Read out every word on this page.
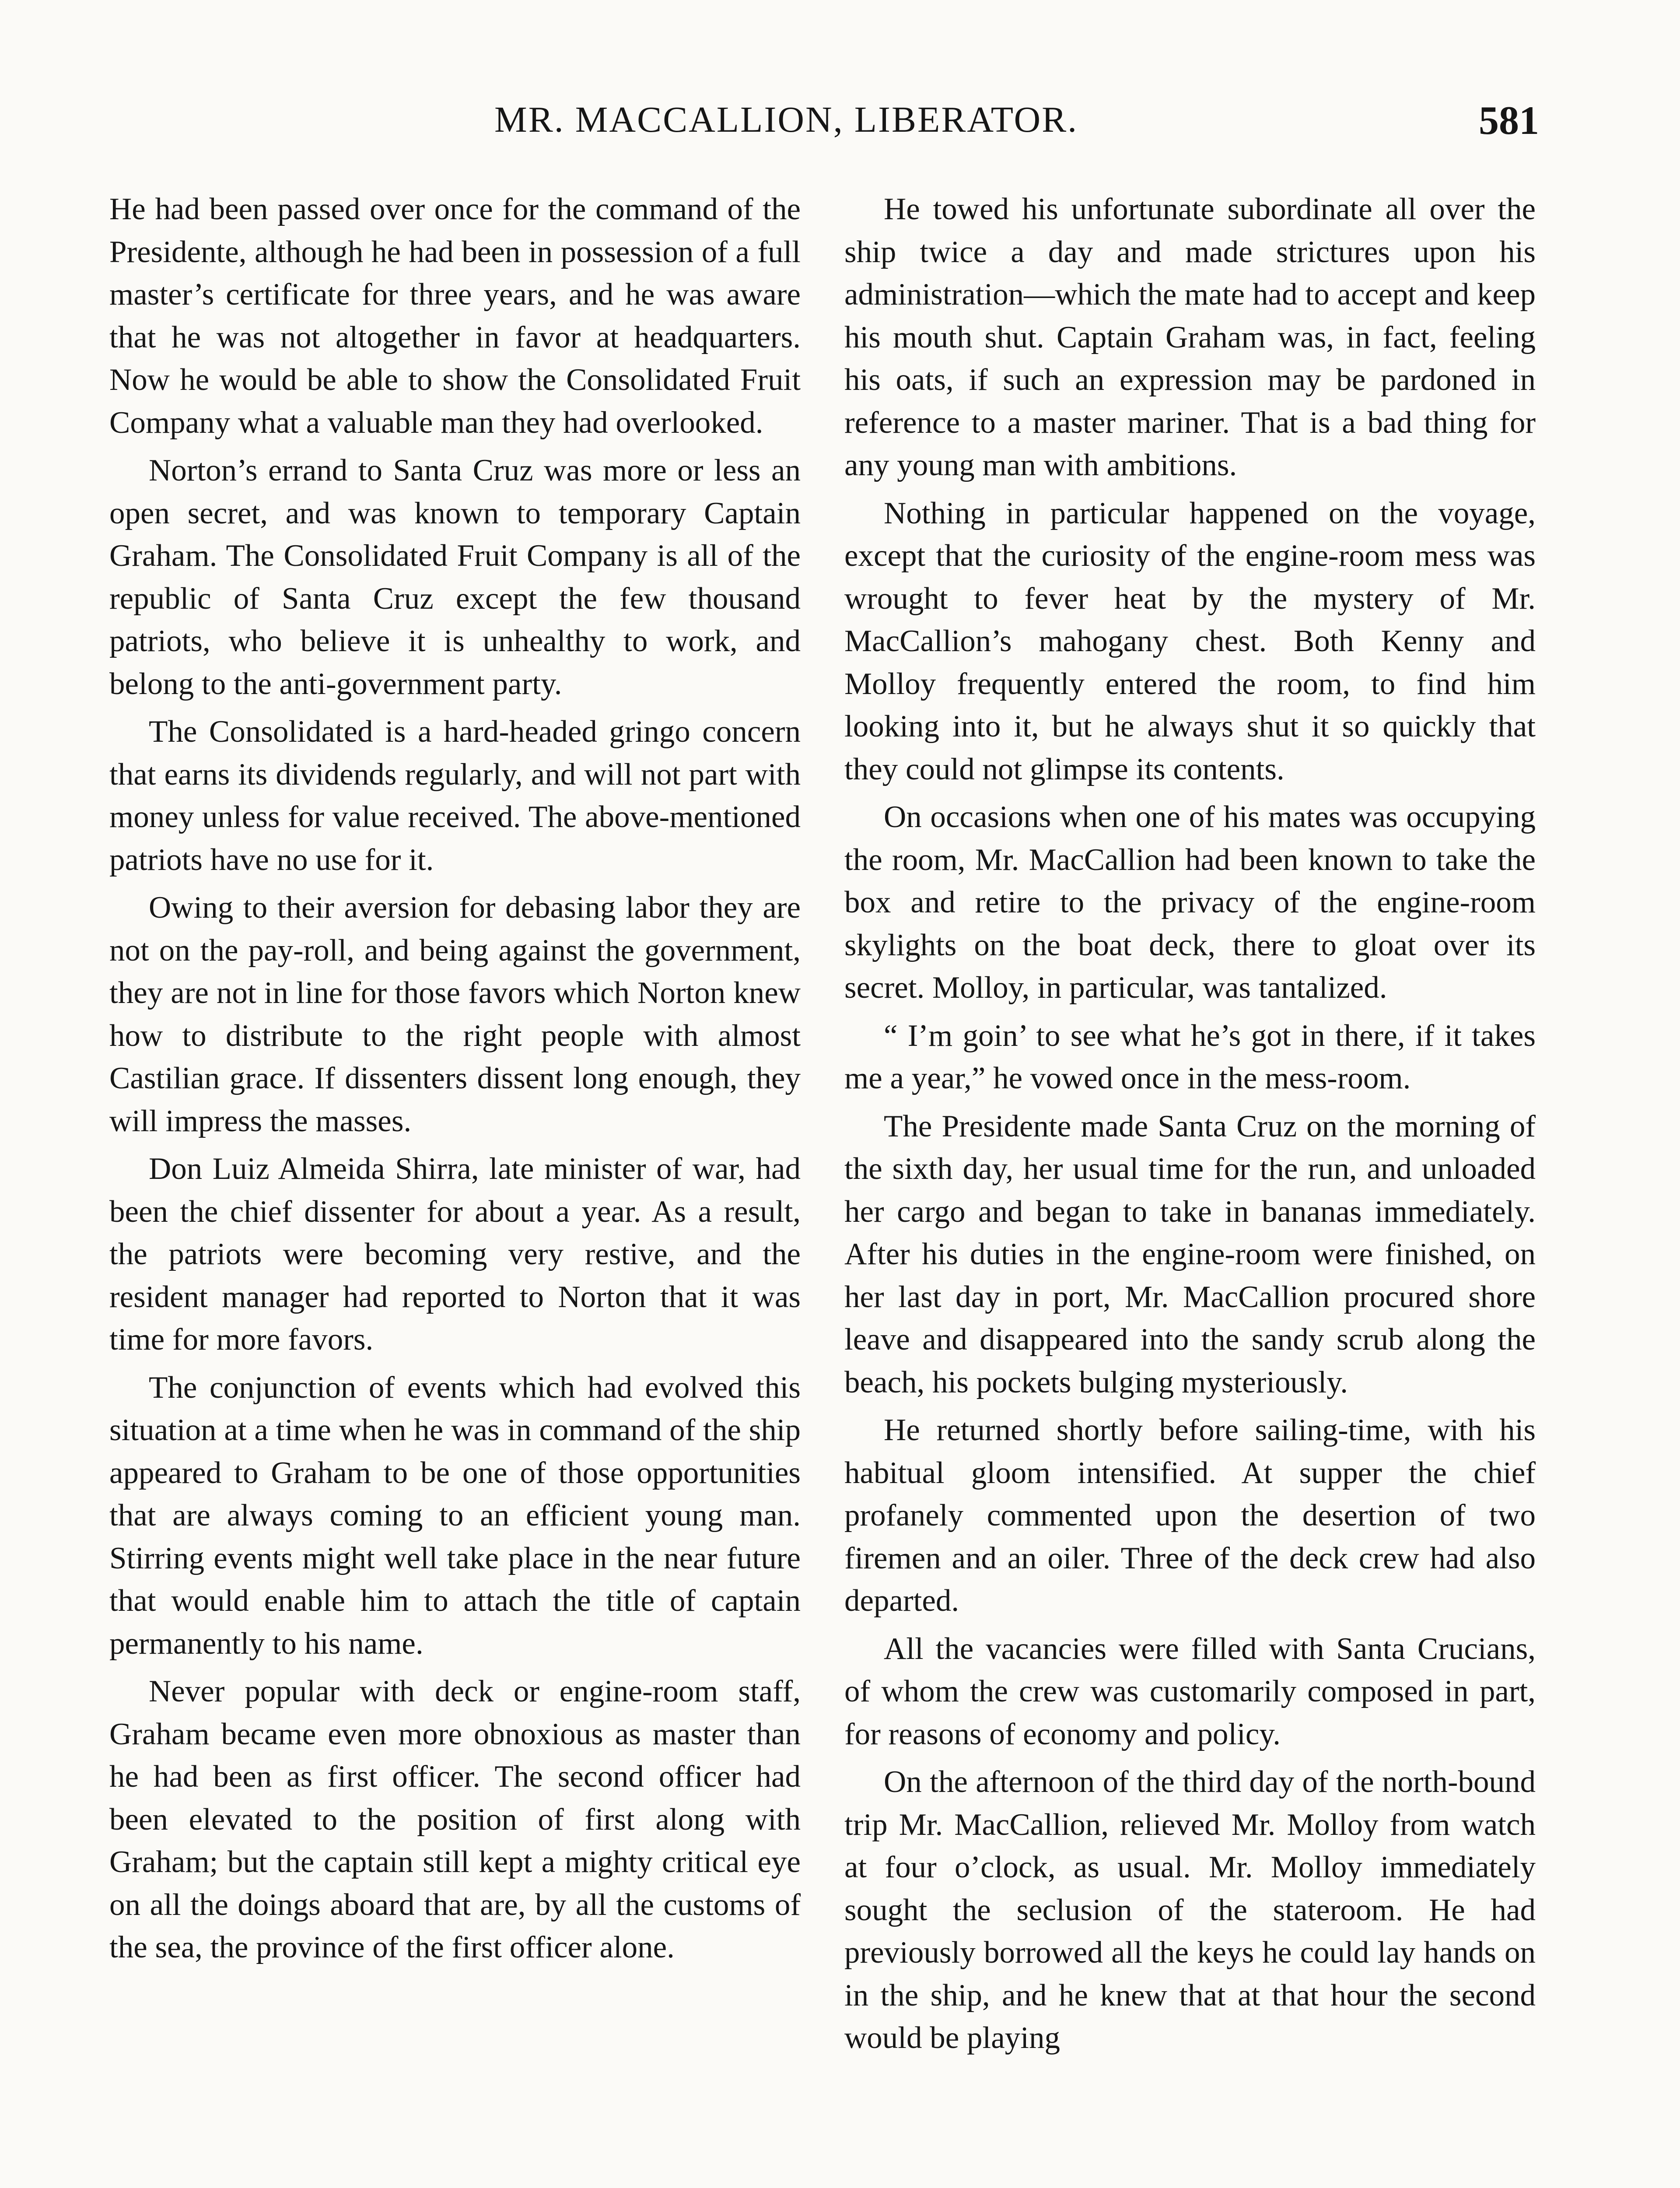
MR. MACCALLION, LIBERATOR.	581

He had been passed over once for the command of the Presidente, although he had been in possession of a full master’s certificate for three years, and he was aware that he was not altogether in favor at headquarters. Now he would be able to show the Consolidated Fruit Company what a valuable man they had overlooked.

Norton’s errand to Santa Cruz was more or less an open secret, and was known to temporary Captain Graham. The Consolidated Fruit Company is all of the republic of Santa Cruz except the few thousand patriots, who believe it is unhealthy to work, and belong to the anti-government party.

The Consolidated is a hard-headed gringo concern that earns its dividends regularly, and will not part with money unless for value received. The above-mentioned patriots have no use for it.

Owing to their aversion for debasing labor they are not on the pay-roll, and being against the government, they are not in line for those favors which Norton knew how to distribute to the right people with almost Castilian grace. If dissenters dissent long enough, they will impress the masses.

Don Luiz Almeida Shirra, late minister of war, had been the chief dissenter for about a year. As a result, the patriots were becoming very restive, and the resident manager had reported to Norton that it was time for more favors.

The conjunction of events which had evolved this situation at a time when he was in command of the ship appeared to Graham to be one of those opportunities that are always coming to an efficient young man. Stirring events might well take place in the near future that would enable him to attach the title of captain permanently to his name.

Never popular with deck or engine-room staff, Graham became even more obnoxious as master than he had been as first officer. The second officer had been elevated to the position of first along with Graham; but the captain still kept a mighty critical eye on all the doings aboard that are, by all the customs of the sea, the province of the first officer alone.

He towed his unfortunate subordinate all over the ship twice a day and made strictures upon his administration—which the mate had to accept and keep his mouth shut. Captain Graham was, in fact, feeling his oats, if such an expression may be pardoned in reference to a master mariner. That is a bad thing for any young man with ambitions.

Nothing in particular happened on the voyage, except that the curiosity of the engine-room mess was wrought to fever heat by the mystery of Mr. MacCallion’s mahogany chest. Both Kenny and Molloy frequently entered the room, to find him looking into it, but he always shut it so quickly that they could not glimpse its contents.

On occasions when one of his mates was occupying the room, Mr. MacCallion had been known to take the box and retire to the privacy of the engine-room skylights on the boat deck, there to gloat over its secret. Molloy, in particular, was tantalized.

“ I’m goin’ to see what he’s got in there, if it takes me a year,” he vowed once in the mess-room.

The Presidente made Santa Cruz on the morning of the sixth day, her usual time for the run, and unloaded her cargo and began to take in bananas immediately. After his duties in the engine-room were finished, on her last day in port, Mr. MacCallion procured shore leave and disappeared into the sandy scrub along the beach, his pockets bulging mysteriously.

He returned shortly before sailing-time, with his habitual gloom intensified. At supper the chief profanely commented upon the desertion of two firemen and an oiler. Three of the deck crew had also departed.

All the vacancies were filled with Santa Crucians, of whom the crew was customarily composed in part, for reasons of economy and policy.

On the afternoon of the third day of the north-bound trip Mr. MacCallion, relieved Mr. Molloy from watch at four o’clock, as usual. Mr. Molloy immediately sought the seclusion of the stateroom. He had previously borrowed all the keys he could lay hands on in the ship, and he knew that at that hour the second would be playing
